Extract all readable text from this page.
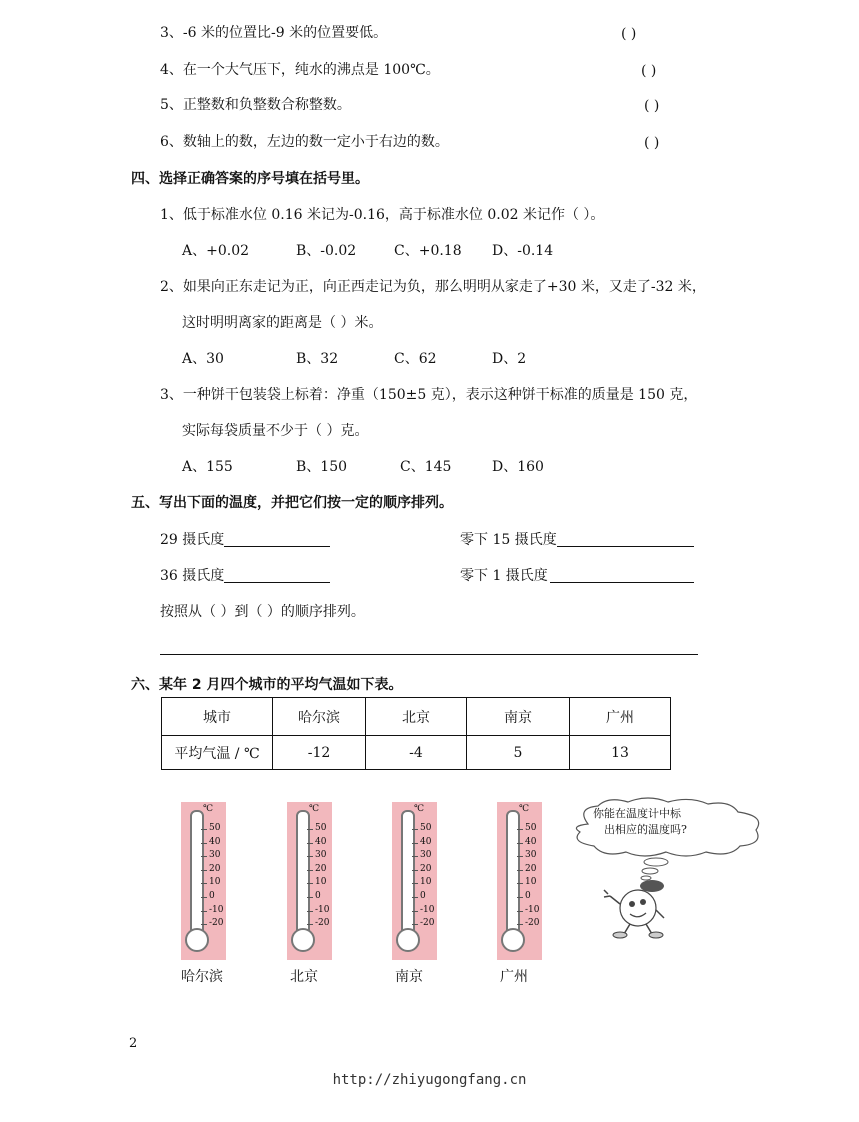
3、-6 米的位置比-9 米的位置要低。	( )
4、在一个大气压下，纯水的沸点是 100℃。	( )
5、正整数和负整数合称整数。	( )
6、数轴上的数，左边的数一定小于右边的数。	( )
四、选择正确答案的序号填在括号里。
1、低于标准水位 0.16 米记为-0.16，高于标准水位 0.02 米记作（ ）。
A、+0.02	B、-0.02	C、+0.18 D、-0.14
2、如果向正东走记为正，向正西走记为负，那么明明从家走了+30 米，又走了-32 米，
这时明明离家的距离是（ ）米。
A、30	B、32	C、62	D、2
3、一种饼干包装袋上标着：净重（150±5 克），表示这种饼干标准的质量是 150 克，
实际每袋质量不少于（ ）克。
A、155	B、150	C、145	D、160
五、写出下面的温度，并把它们按一定的顺序排列。
29 摄氏度	零下 15 摄氏度
36 摄氏度	零下 1 摄氏度
按照从（ ）到（ ）的顺序排列。
六、某年 2 月四个城市的平均气温如下表。
城市	哈尔滨	北京	南京	广州
平均气温 / ℃	-12	-4	5	13
℃
50
40
30
20
10
0
-10
-20
℃
50
40
30
20
10
0
-10
-20
℃
50
40
30
20
10
0
-10
-20
℃
50
40
30
20
10
0
-10
-20
哈尔滨	北京	南京	广州
你能在温度计中标
出相应的温度吗?
2
http://zhiyugongfang.cn
